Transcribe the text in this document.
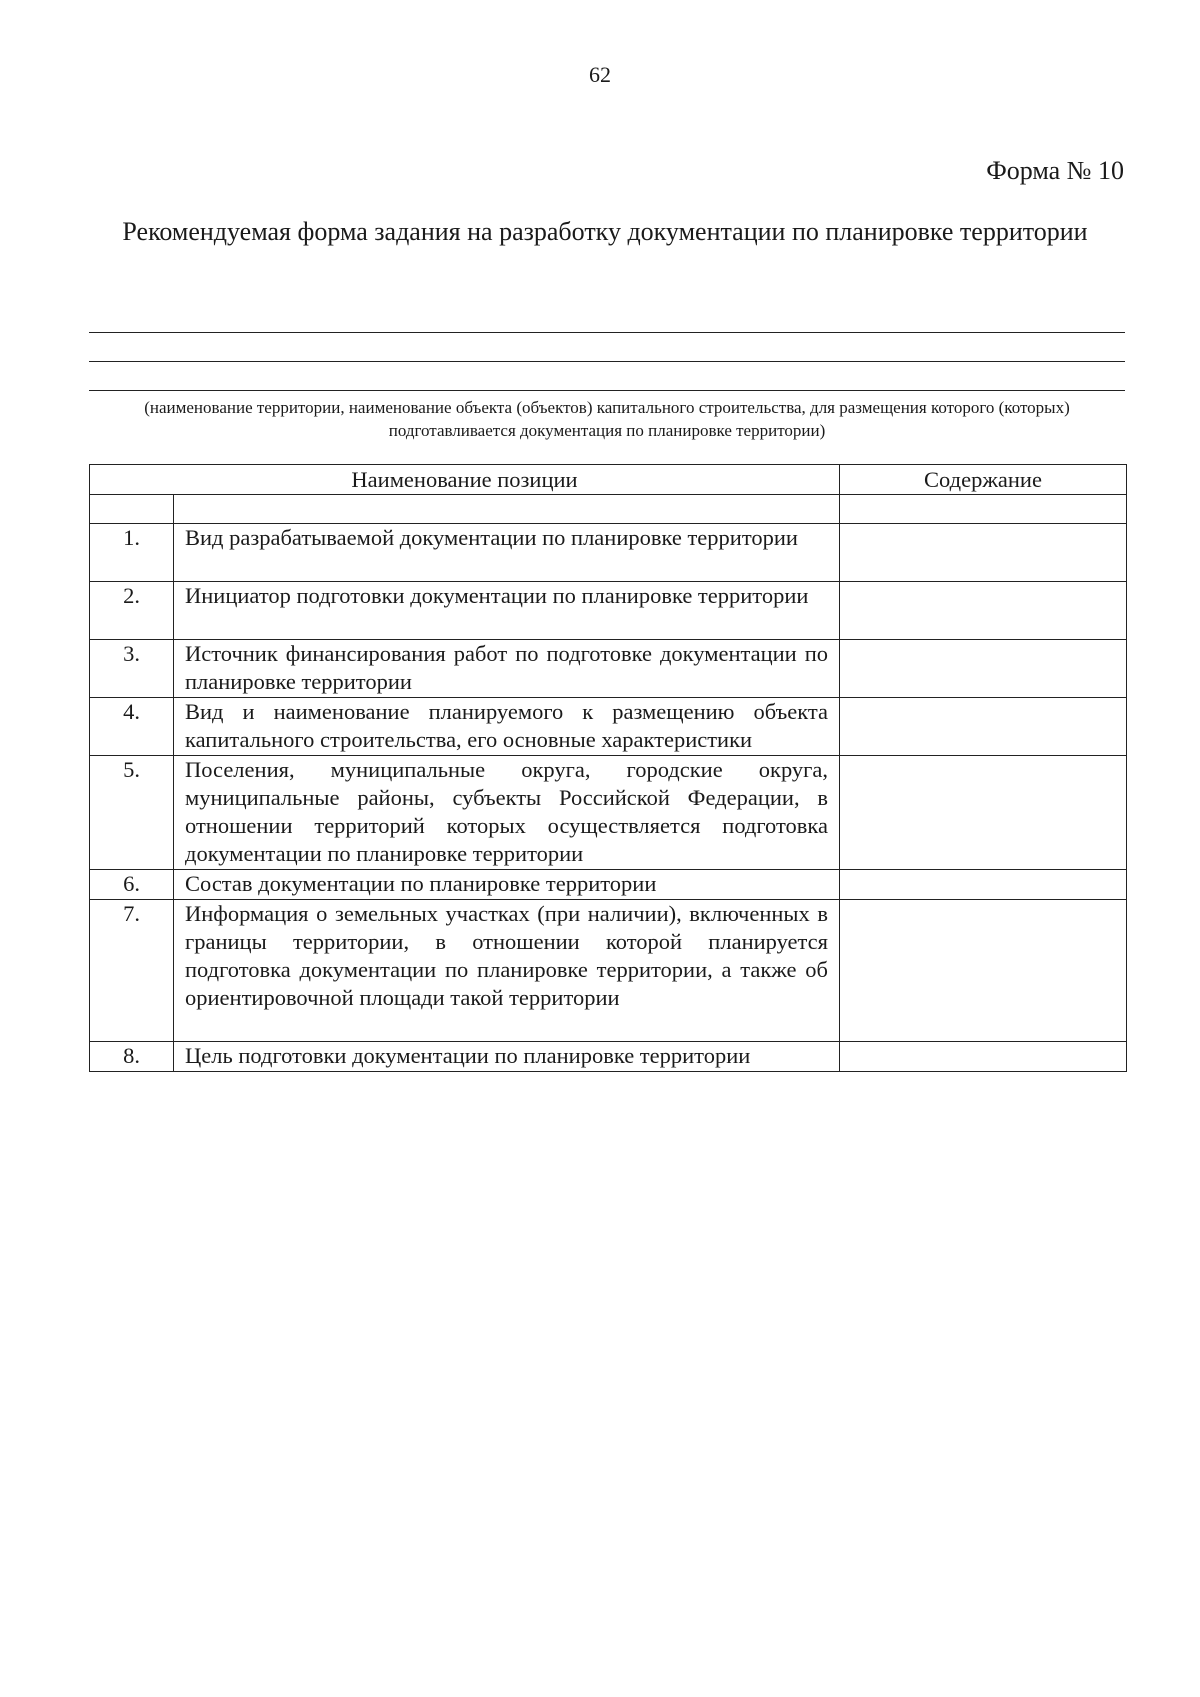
62
Форма № 10
Рекомендуемая форма задания на разработку документации по планировке территории
(наименование территории, наименование объекта (объектов) капитального строительства, для размещения которого (которых) подготавливается документация по планировке территории)
Наименование позиции		Содержание

1.	Вид разрабатываемой документации по планировке территории	
2.	Инициатор подготовки документации по планировке территории	
3.	Источник финансирования работ по подготовке документации по планировке территории	
4.	Вид и наименование планируемого к размещению объекта капитального строительства, его основные характеристики	
5.	Поселения, муниципальные округа, городские округа, муниципальные районы, субъекты Российской Федерации, в отношении территорий которых осуществляется подготовка документации по планировке территории	
6.	Состав документации по планировке территории	
7.	Информация о земельных участках (при наличии), включенных в границы территории, в отношении которой планируется подготовка документации по планировке территории, а также об ориентировочной площади такой территории	
8.	Цель подготовки документации по планировке территории	
